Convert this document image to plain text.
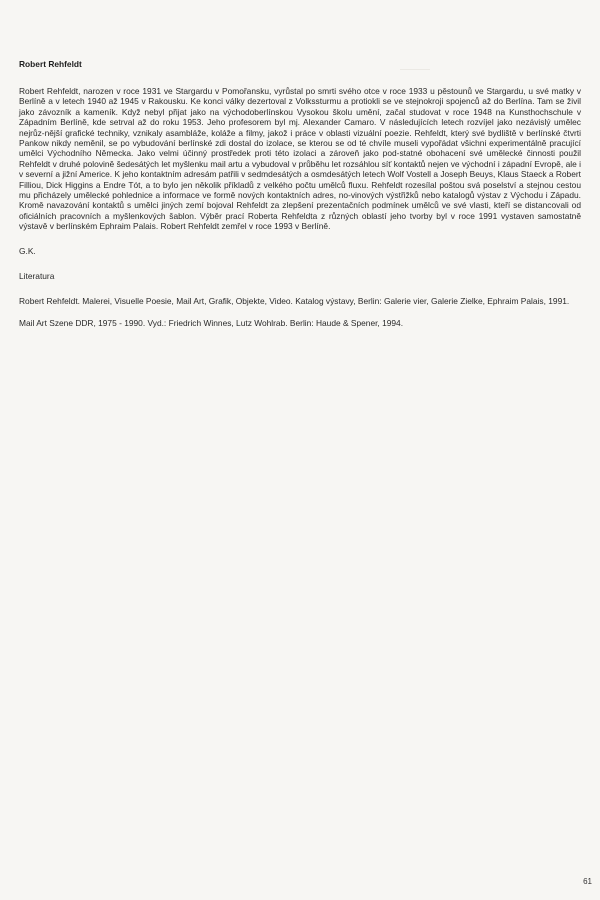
Robert Rehfeldt

Robert Rehfeldt, narozen v roce 1931 ve Stargardu v Pomořansku, vyrůstal po smrti svého otce v roce 1933 u pěstounů ve Stargardu, u své matky v Berlíně a v letech 1940 až 1945 v Rakousku. Ke konci války dezertoval z Volkssturmu a protiokli se ve stejnokroji spojenců až do Berlína. Tam se živil jako závozník a kameník. Když nebyl přijat jako na východoberlínskou Vysokou školu umění, začal studovat v roce 1948 na Kunsthochschule v Západním Berlíně, kde setrval až do roku 1953. Jeho profesorem byl mj. Alexander Camaro. V následujících letech rozvíjel jako nezávislý umělec nejrůz-nější grafické techniky, vznikaly asambláže, koláže a filmy, jakož i práce v oblasti vizuální poezie. Rehfeldt, který své bydliště v berlínské čtvrti Pankow nikdy neměnil, se po vybudování berlínské zdi dostal do izolace, se kterou se od té chvíle museli vypořádat všichni experimentálně pracující umělci Východního Německa. Jako velmi účinný prostředek proti této izolaci a zároveň jako pod-statné obohacení své umělecké činnosti použil Rehfeldt v druhé polovině šedesátých let myšlenku mail artu a vybudoval v průběhu let rozsáhlou síť kontaktů nejen ve východní i západní Evropě, ale i v severní a jižní Americe. K jeho kontaktním adresám patřili v sedmdesátých a osmdesátých letech Wolf Vostell a Joseph Beuys, Klaus Staeck a Robert Filliou, Dick Higgins a Endre Tót, a to bylo jen několik příkladů z velkého počtu umělců fluxu. Rehfeldt rozesílal poštou svá poselství a stejnou cestou mu přicházely umělecké pohlednice a informace ve formě nových kontaktních adres, no-vinových výstřižků nebo katalogů výstav z Východu i Západu. Kromě navazování kontaktů s umělci jiných zemí bojoval Rehfeldt za zlepšení prezentačních podmínek umělců ve své vlasti, kteří se distancovali od oficiálních pracovních a myšlenkových šablon. Výběr prací Roberta Rehfeldta z různých oblastí jeho tvorby byl v roce 1991 vystaven samostatně výstavě v berlínském Ephraim Palais. Robert Rehfeldt zemřel v roce 1993 v Berlíně.

G.K.
Literatura

Robert Rehfeldt. Malerei, Visuelle Poesie, Mail Art, Grafik, Objekte, Video. Katalog výstavy, Berlin: Galerie vier, Galerie Zielke, Ephraim Palais, 1991.

Mail Art Szene DDR, 1975 - 1990. Vyd.: Friedrich Winnes, Lutz Wohlrab. Berlin: Haude & Spener, 1994.

61
